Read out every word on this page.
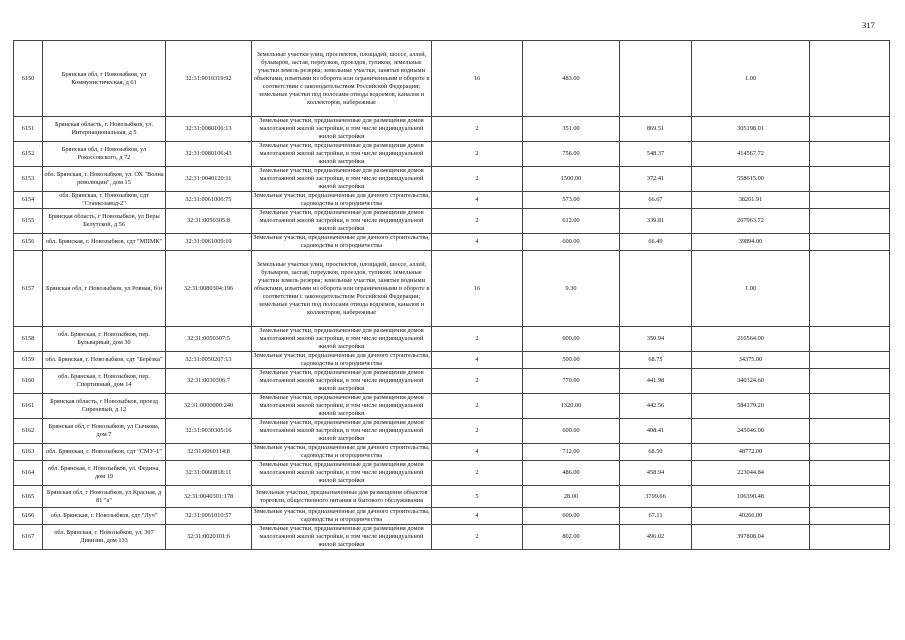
317
6150	Брянская обл, г Новозыбков, ул Коммунистическая, д 61	32:31:0010319:92	Земельные участки улиц, проспектов, площадей, шоссе, аллей, бульваров, застав, переулков, проездов, тупиков; земельные участки земель резерва; земельные участки, занятые водными объектами, изъятыми из оборота или ограниченными в обороте в соответствии с законодательством Российской Федерации; земельные участки под полосами отвода водоемов, каналов и коллекторов, набережные	16	483.00		1.00	
6151	Брянская область, г. Новозыбков, ул. Интернациональная, д 5	32:31:0080106:13	Земельные участки, предназначенные для размещения домов малоэтажной жилой застройки, в том числе индивидуальной жилой застройки	2	351.00	869.51	305198.01	
6152	Брянская обл, г Новозыбков, ул Рокоссовского, д 72	32:31:0080106:43	Земельные участки, предназначенные для размещения домов малоэтажной жилой застройки, в том числе индивидуальной жилой застройки	2	756.00	548.37	414567.72	
6153	обл. Брянская, г. Новозыбков, ул. ОХ "Волна революции", дом 15	32:31:0040120:11	Земельные участки, предназначенные для размещения домов малоэтажной жилой застройки, в том числе индивидуальной жилой застройки	2	1500.00	372.41	558615.00	
6154	обл. Брянская, г. Новозыбков, сдт "Станкозавод-2"	32:31:0061006:75	Земельные участки, предназначенные для дачного строительства, садоводства и огородничества	4	573.00	66.67	38201.91	
6155	Брянская область, г Новозыбков, ул Веры Белутской, д 56	32:31:0050305:8	Земельные участки, предназначенные для размещения домов малоэтажной жилой застройки, в том числе индивидуальной жилой застройки	2	612.00	339.81	207963.72	
6156	обл. Брянская, г. Новозыбков, сдт "МПМК"	32:31:0061009:10	Земельные участки, предназначенные для дачного строительства, садоводства и огородничества	4	600.00	66.49	39894.00	
6157	Брянская обл, г Новозыбков, ул Ровная, б/н	32:31:0080304:196	Земельные участки улиц, проспектов, площадей, шоссе, аллей, бульваров, застав, переулков, проездов, тупиков; земельные участки земель резерва; земельные участки, занятые водными объектами, изъятыми из оборота или ограниченными в обороте в соответствии с законодательством Российской Федерации; земельные участки под полосами отвода водоемов, каналов и коллекторов, набережные	16	9.30		1.00	
6158	обл. Брянская, г. Новозыбков, пер. Бульварный, дом 30	32:31:0050307:5	Земельные участки, предназначенные для размещения домов малоэтажной жилой застройки, в том числе индивидуальной жилой застройки	2	600.00	350.94	210564.00	
6159	обл. Брянская, г. Новозыбков, сдт "Берёзка"	32:31:0050207:13	Земельные участки, предназначенные для дачного строительства, садоводства и огородничества	4	500.00	68.75	34375.00	
6160	обл. Брянская, г. Новозыбков, пер. Спортивный, дом 14	32:31:0030306:7	Земельные участки, предназначенные для размещения домов малоэтажной жилой застройки, в том числе индивидуальной жилой застройки	2	770.00	441.98	340324.60	
6161	Брянская область, г Новозыбков, проезд Сиреневый, д 12	32:31:0000000:240	Земельные участки, предназначенные для размещения домов малоэтажной жилой застройки, в том числе индивидуальной жилой застройки	2	1320.00	442.56	584179.20	
6162	Брянская обл, г Новозыбков, ул Сычкова, дом 7	32:31:0030305:16	Земельные участки, предназначенные для размещения домов малоэтажной жилой застройки, в том числе индивидуальной жилой застройки	2	600.00	408.41	245046.00	
6163	обл. Брянская, г. Новозыбков, сдт "СМУ-1"	32:31:0060114:8	Земельные участки, предназначенные для дачного строительства, садоводства и огородничества	4	712.00	68.50	48772.00	
6164	обл. Брянская, г. Новозыбков, ул. Федина, дом 19	32:31:0060818:11	Земельные участки, предназначенные для размещения домов малоэтажной жилой застройки, в том числе индивидуальной жилой застройки	2	486.00	458.94	223044.84	
6165	Брянская обл, г Новозыбков, ул Красная, д 81 "а"	32:31:0040301:178	Земельные участки, предназначенные для размещения объектов торговли, общественного питания и бытового обслуживания	5	28.00	3799.66	106390.48	
6166	обл. Брянская, г. Новозыбков, сдт "Луч"	32:31:0061010:57	Земельные участки, предназначенные для дачного строительства, садоводства и огородничества	4	600.00	67.11	40266.00	
6167	обл. Брянская, г. Новозыбков, ул. 307 Дивизии, дом 133	32:31:0020101:6	Земельные участки, предназначенные для размещения домов малоэтажной жилой застройки, в том числе индивидуальной жилой застройки	2	802.00	496.02	397808.04	
